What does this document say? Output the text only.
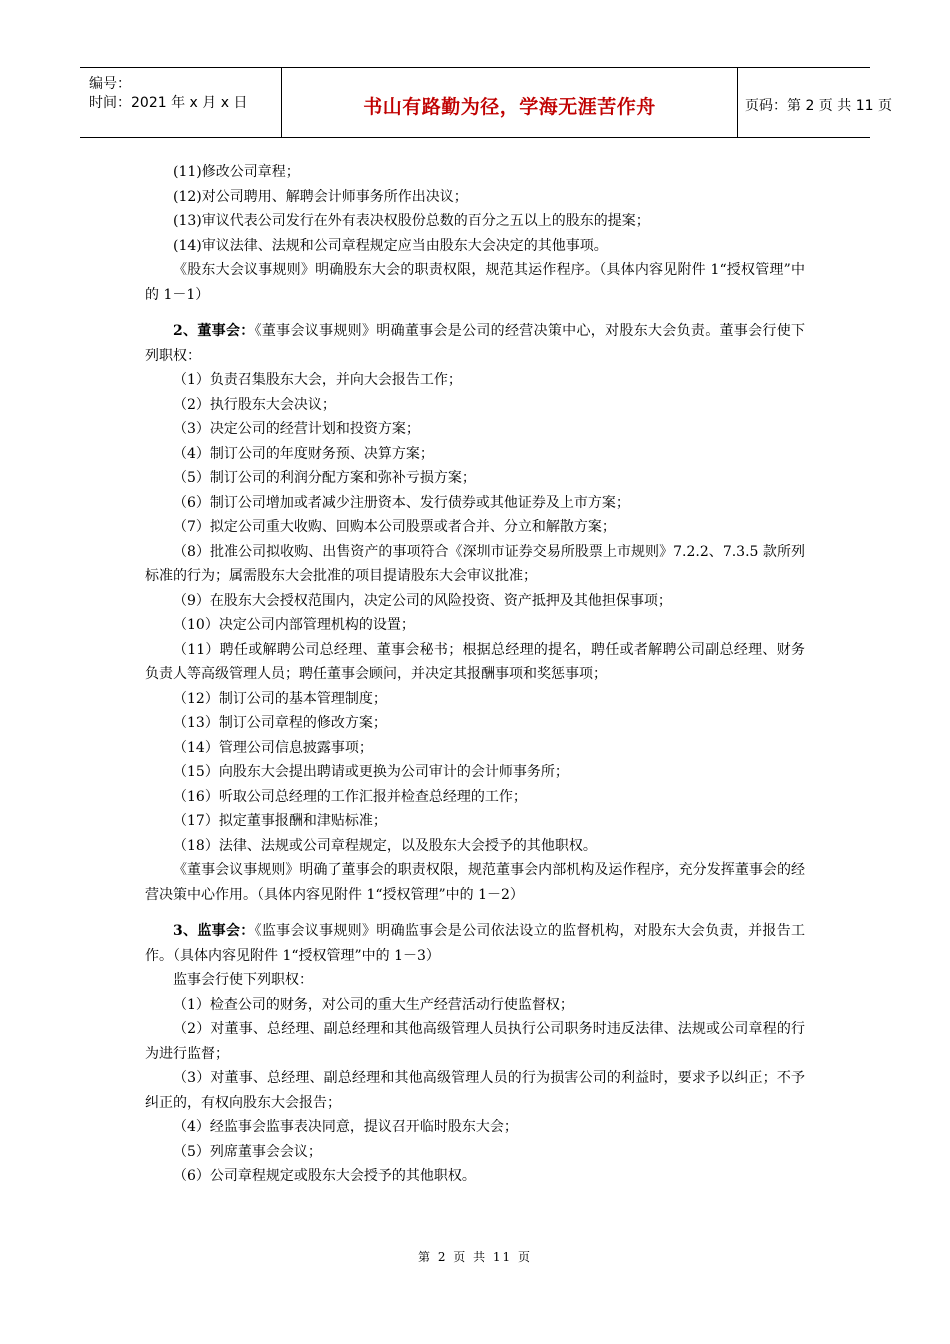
编号：
时间：2021 年 x 月 x 日	书山有路勤为径，学海无涯苦作舟	页码：第 2 页 共 11 页

(11)修改公司章程；

(12)对公司聘用、解聘会计师事务所作出决议；

(13)审议代表公司发行在外有表决权股份总数的百分之五以上的股东的提案；

(14)审议法律、法规和公司章程规定应当由股东大会决定的其他事项。

《股东大会议事规则》明确股东大会的职责权限，规范其运作程序。（具体内容见附件 1“授权管理”中的 1－1）

2、董事会：《董事会议事规则》明确董事会是公司的经营决策中心，对股东大会负责。董事会行使下列职权：

（1）负责召集股东大会，并向大会报告工作；

（2）执行股东大会决议；

（3）决定公司的经营计划和投资方案；

（4）制订公司的年度财务预、决算方案；

（5）制订公司的利润分配方案和弥补亏损方案；

（6）制订公司增加或者减少注册资本、发行债券或其他证券及上市方案；

（7）拟定公司重大收购、回购本公司股票或者合并、分立和解散方案；

（8）批准公司拟收购、出售资产的事项符合《深圳市证券交易所股票上市规则》7.2.2、7.3.5 款所列标准的行为；属需股东大会批准的项目提请股东大会审议批准；

（9）在股东大会授权范围内，决定公司的风险投资、资产抵押及其他担保事项；

（10）决定公司内部管理机构的设置；

（11）聘任或解聘公司总经理、董事会秘书；根据总经理的提名，聘任或者解聘公司副总经理、财务负责人等高级管理人员；聘任董事会顾问，并决定其报酬事项和奖惩事项；

（12）制订公司的基本管理制度；

（13）制订公司章程的修改方案；

（14）管理公司信息披露事项；

（15）向股东大会提出聘请或更换为公司审计的会计师事务所；

（16）听取公司总经理的工作汇报并检查总经理的工作；

（17）拟定董事报酬和津贴标准；

（18）法律、法规或公司章程规定，以及股东大会授予的其他职权。

《董事会议事规则》明确了董事会的职责权限，规范董事会内部机构及运作程序，充分发挥董事会的经营决策中心作用。（具体内容见附件 1“授权管理”中的 1－2）

3、监事会：《监事会议事规则》明确监事会是公司依法设立的监督机构，对股东大会负责，并报告工作。（具体内容见附件 1“授权管理”中的 1－3）

监事会行使下列职权：

（1）检查公司的财务，对公司的重大生产经营活动行使监督权；

（2）对董事、总经理、副总经理和其他高级管理人员执行公司职务时违反法律、法规或公司章程的行为进行监督；

（3）对董事、总经理、副总经理和其他高级管理人员的行为损害公司的利益时，要求予以纠正；不予纠正的，有权向股东大会报告；

（4）经监事会监事表决同意，提议召开临时股东大会；

（5）列席董事会会议；

（6）公司章程规定或股东大会授予的其他职权。

第 2 页 共 11 页
